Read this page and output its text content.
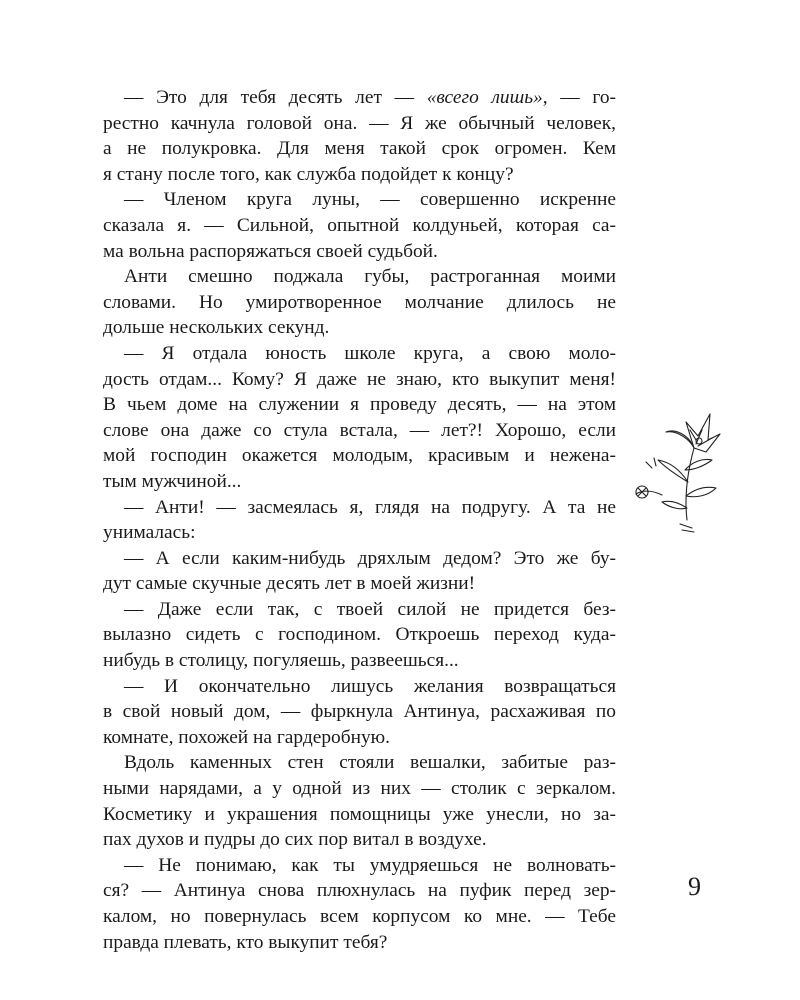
— Это для тебя десять лет — «всего лишь», — го-
рестно качнула головой она. — Я же обычный человек,
а не полукровка. Для меня такой срок огромен. Кем
я стану после того, как служба подойдет к концу?
— Членом круга луны, — совершенно искренне
сказала я. — Сильной, опытной колдуньей, которая са-
ма вольна распоряжаться своей судьбой.
Анти смешно поджала губы, растроганная моими
словами. Но умиротворенное молчание длилось не
дольше нескольких секунд.
— Я отдала юность школе круга, а свою моло-
дость отдам... Кому? Я даже не знаю, кто выкупит меня!
В чьем доме на служении я проведу десять, — на этом
слове она даже со стула встала, — лет?! Хорошо, если
мой господин окажется молодым, красивым и нежена-
тым мужчиной...
— Анти! — засмеялась я, глядя на подругу. А та не
унималась:
— А если каким-нибудь дряхлым дедом? Это же бу-
дут самые скучные десять лет в моей жизни!
— Даже если так, с твоей силой не придется без-
вылазно сидеть с господином. Откроешь переход куда-
нибудь в столицу, погуляешь, развеешься...
— И окончательно лишусь желания возвращаться
в свой новый дом, — фыркнула Антинуа, расхаживая по
комнате, похожей на гардеробную.
Вдоль каменных стен стояли вешалки, забитые раз-
ными нарядами, а у одной из них — столик с зеркалом.
Косметику и украшения помощницы уже унесли, но за-
пах духов и пудры до сих пор витал в воздухе.
— Не понимаю, как ты умудряешься не волновать-
ся? — Антинуа снова плюхнулась на пуфик перед зер-
калом, но повернулась всем корпусом ко мне. — Тебе
правда плевать, кто выкупит тебя?
9
